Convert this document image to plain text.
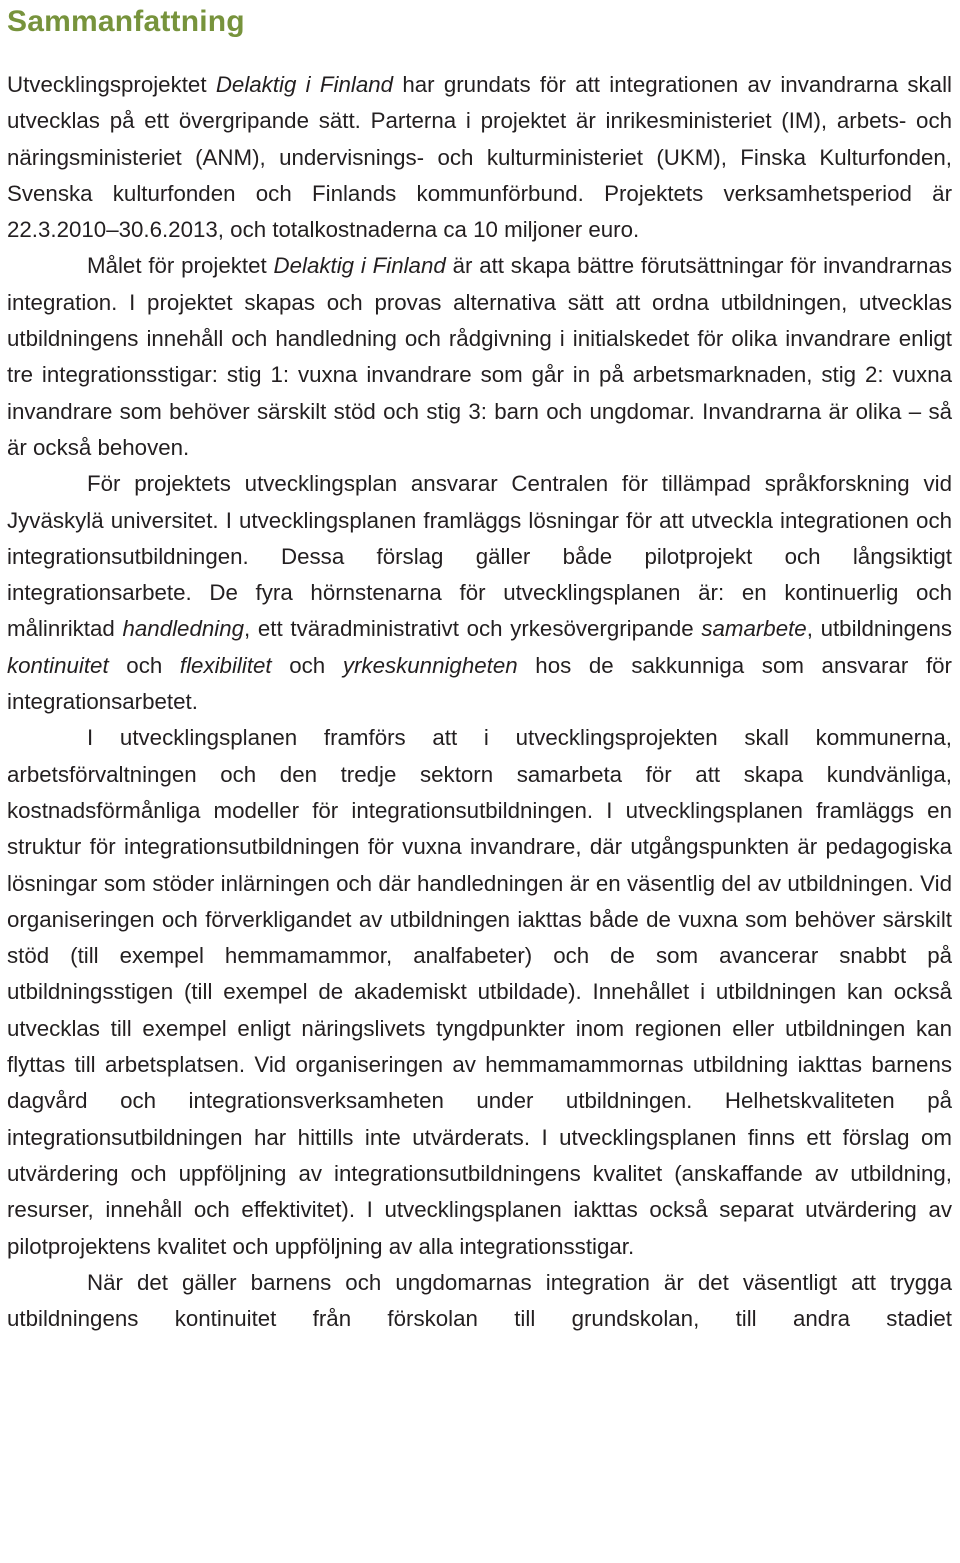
Sammanfattning

Utvecklingsprojektet Delaktig i Finland har grundats för att integrationen av invandrarna skall utvecklas på ett övergripande sätt. Parterna i projektet är inrikesministeriet (IM), arbets- och näringsministeriet (ANM), undervisnings- och kulturministeriet (UKM), Finska Kulturfonden, Svenska kulturfonden och Finlands kommunförbund. Projektets verksamhetsperiod är 22.3.2010–30.6.2013, och totalkostnaderna ca 10 miljoner euro.

Målet för projektet Delaktig i Finland är att skapa bättre förutsättningar för invandrarnas integration. I projektet skapas och provas alternativa sätt att ordna utbildningen, utvecklas utbildningens innehåll och handledning och rådgivning i initialskedet för olika invandrare enligt tre integrationsstigar: stig 1: vuxna invandrare som går in på arbetsmarknaden, stig 2: vuxna invandrare som behöver särskilt stöd och stig 3: barn och ungdomar. Invandrarna är olika – så är också behoven.

För projektets utvecklingsplan ansvarar Centralen för tillämpad språkforskning vid Jyväskylä universitet. I utvecklingsplanen framläggs lösningar för att utveckla integrationen och integrationsutbildningen. Dessa förslag gäller både pilotprojekt och långsiktigt integrationsarbete. De fyra hörnstenarna för utvecklingsplanen är: en kontinuerlig och målinriktad handledning, ett tväradministrativt och yrkesövergripande samarbete, utbildningens kontinuitet och flexibilitet och yrkeskunnigheten hos de sakkunniga som ansvarar för integrationsarbetet.

I utvecklingsplanen framförs att i utvecklingsprojekten skall kommunerna, arbetsförvaltningen och den tredje sektorn samarbeta för att skapa kundvänliga, kostnadsförmånliga modeller för integrationsutbildningen. I utvecklingsplanen framläggs en struktur för integrationsutbildningen för vuxna invandrare, där utgångspunkten är pedagogiska lösningar som stöder inlärningen och där handledningen är en väsentlig del av utbildningen. Vid organiseringen och förverkligandet av utbildningen iakttas både de vuxna som behöver särskilt stöd (till exempel hemmamammor, analfabeter) och de som avancerar snabbt på utbildningsstigen (till exempel de akademiskt utbildade). Innehållet i utbildningen kan också utvecklas till exempel enligt näringslivets tyngdpunkter inom regionen eller utbildningen kan flyttas till arbetsplatsen. Vid organiseringen av hemmamammornas utbildning iakttas barnens dagvård och integrationsverksamheten under utbildningen. Helhetskvaliteten på integrationsutbildningen har hittills inte utvärderats. I utvecklingsplanen finns ett förslag om utvärdering och uppföljning av integrationsutbildningens kvalitet (anskaffande av utbildning, resurser, innehåll och effektivitet). I utvecklingsplanen iakttas också separat utvärdering av pilotprojektens kvalitet och uppföljning av alla integrationsstigar.

När det gäller barnens och ungdomarnas integration är det väsentligt att trygga utbildningens kontinuitet från förskolan till grundskolan, till andra stadiet
